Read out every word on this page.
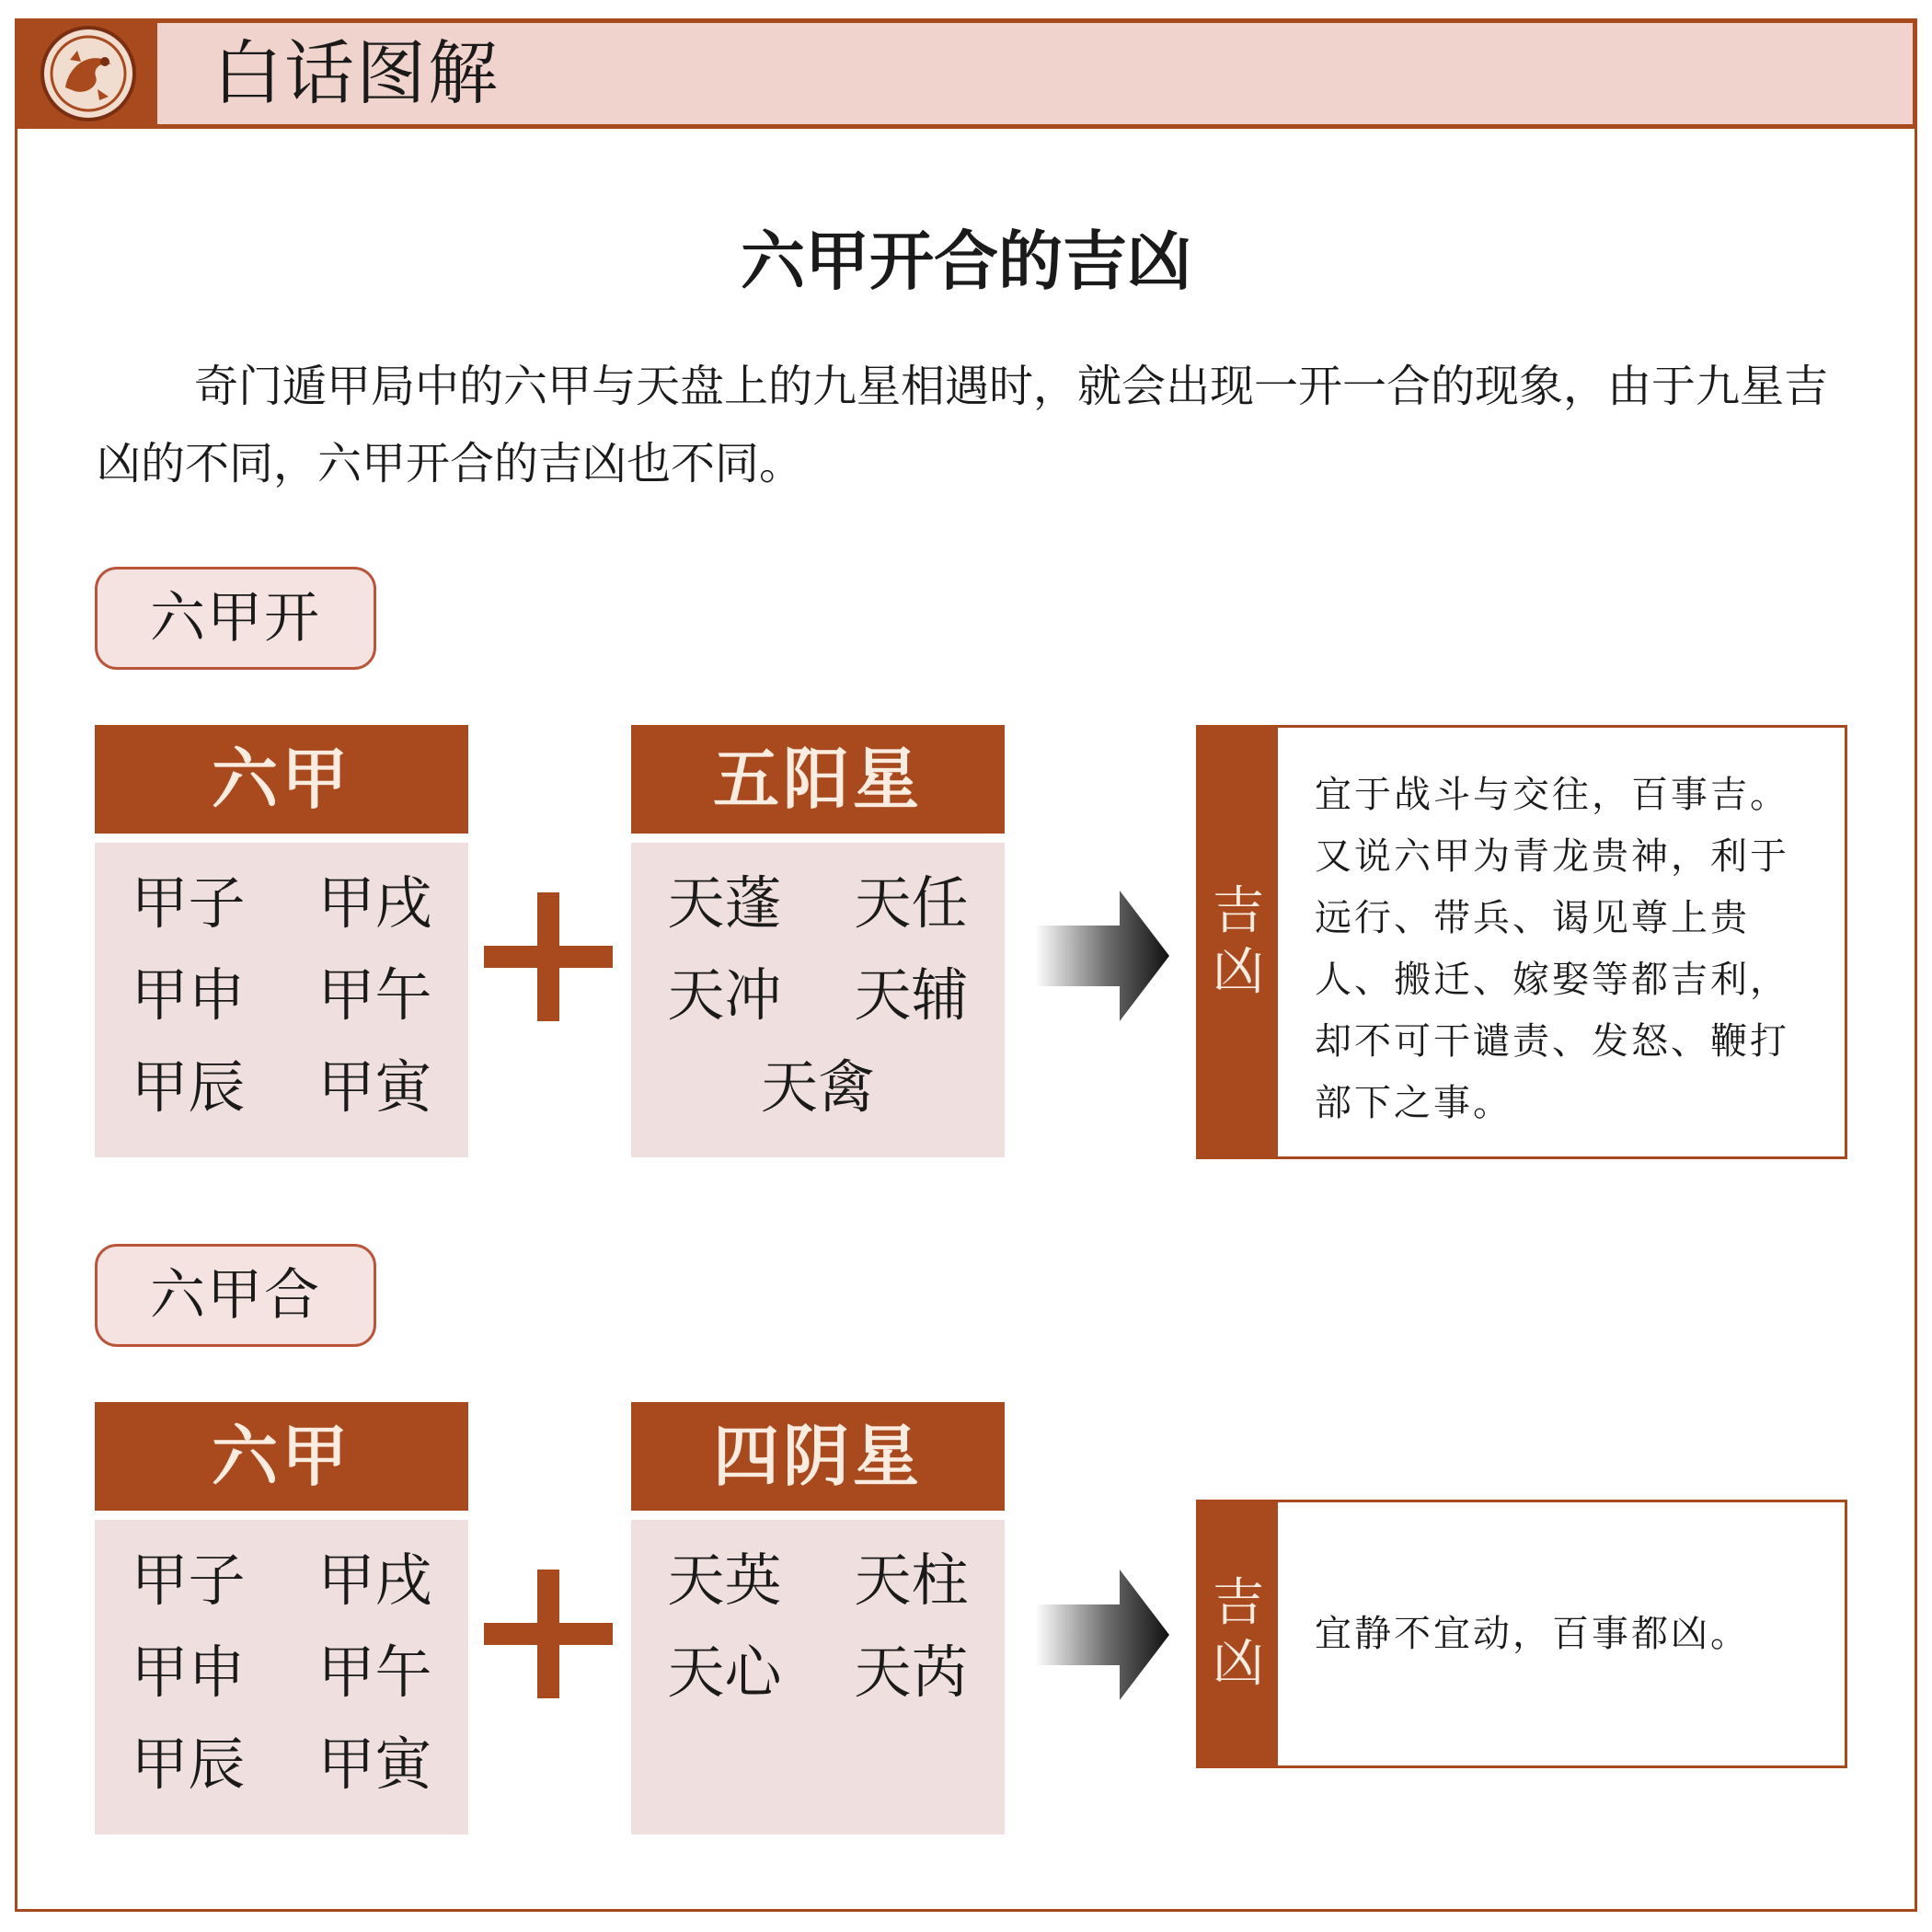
白话图解
六甲开合的吉凶
奇门遁甲局中的六甲与天盘上的九星相遇时，就会出现一开一合的现象，由于九星吉凶的不同，六甲开合的吉凶也不同。
六甲开
六甲
甲子	甲戌
甲申	甲午
甲辰	甲寅
五阳星
天蓬	天任
天冲	天辅
天禽
吉
凶
宜于战斗与交往，百事吉。又说六甲为青龙贵神，利于远行、带兵、谒见尊上贵人、搬迁、嫁娶等都吉利，却不可干谴责、发怒、鞭打部下之事。
六甲合
六甲
甲子	甲戌
甲申	甲午
甲辰	甲寅
四阴星
天英	天柱
天心	天芮
吉
凶 宜静不宜动，百事都凶。
